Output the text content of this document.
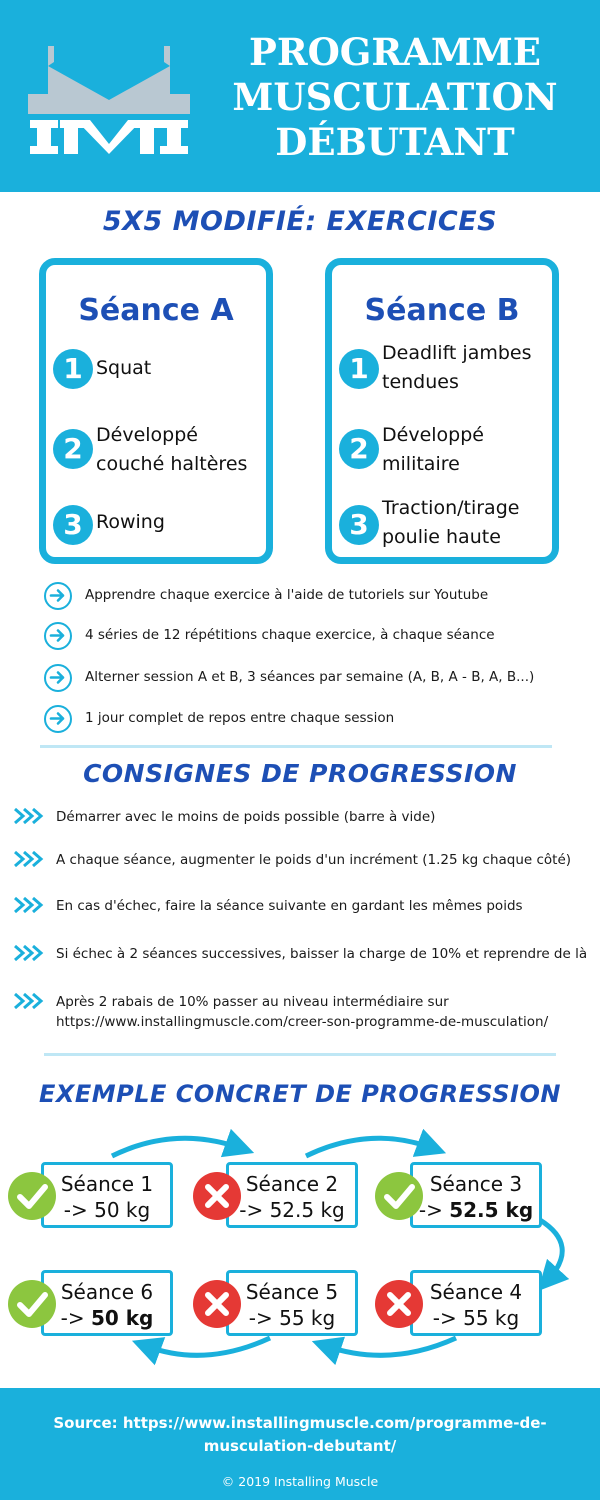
PROGRAMME
MUSCULATION
DÉBUTANT
5X5 MODIFIÉ: EXERCICES
Séance A
1 Squat
2 Développé
couché haltères
3 Rowing
Séance B
1 Deadlift jambes
tendues
2 Développé
militaire
3 Traction/tirage
poulie haute
Apprendre chaque exercice à l'aide de tutoriels sur Youtube
4 séries de 12 répétitions chaque exercice, à chaque séance
Alterner session A et B, 3 séances par semaine (A, B, A - B, A, B...)
1 jour complet de repos entre chaque session
CONSIGNES DE PROGRESSION
Démarrer avec le moins de poids possible (barre à vide)
A chaque séance, augmenter le poids d'un incrément (1.25 kg chaque côté)
En cas d'échec, faire la séance suivante en gardant les mêmes poids
Si échec à 2 séances successives, baisser la charge de 10% et reprendre de là
Après 2 rabais de 10% passer au niveau intermédiaire sur
https://www.installingmuscle.com/creer-son-programme-de-musculation/
EXEMPLE CONCRET DE PROGRESSION
Séance 1
-> 50 kg
Séance 2
-> 52.5 kg
Séance 3
-> 52.5 kg
Séance 6
-> 50 kg
Séance 5
-> 55 kg
Séance 4
-> 55 kg
Source: https://www.installingmuscle.com/programme-de-
musculation-debutant/
© 2019 Installing Muscle
